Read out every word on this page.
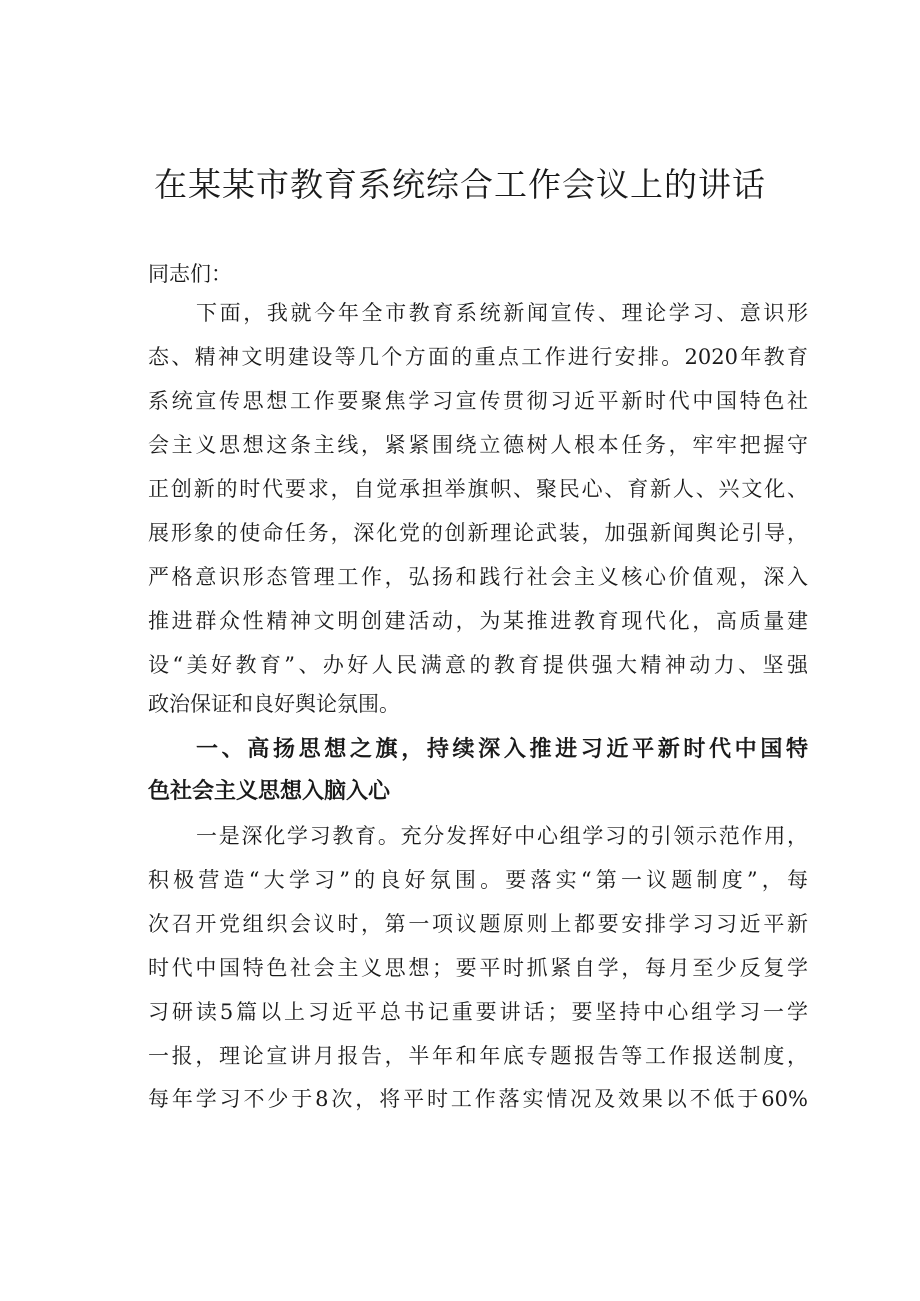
在某某市教育系统综合工作会议上的讲话

同志们：

下面，我就今年全市教育系统新闻宣传、理论学习、意识形

态、精神文明建设等几个方面的重点工作进行安排。2020年教育

系统宣传思想工作要聚焦学习宣传贯彻习近平新时代中国特色社

会主义思想这条主线，紧紧围绕立德树人根本任务，牢牢把握守

正创新的时代要求，自觉承担举旗帜、聚民心、育新人、兴文化、

展形象的使命任务，深化党的创新理论武装，加强新闻舆论引导，

严格意识形态管理工作，弘扬和践行社会主义核心价值观，深入

推进群众性精神文明创建活动，为某推进教育现代化，高质量建

设“美好教育”、办好人民满意的教育提供强大精神动力、坚强

政治保证和良好舆论氛围。

一、高扬思想之旗，持续深入推进习近平新时代中国特

色社会主义思想入脑入心

一是深化学习教育。充分发挥好中心组学习的引领示范作用，

积极营造“大学习”的良好氛围。要落实“第一议题制度”，每

次召开党组织会议时，第一项议题原则上都要安排学习习近平新

时代中国特色社会主义思想；要平时抓紧自学，每月至少反复学

习研读5篇以上习近平总书记重要讲话；要坚持中心组学习一学

一报，理论宣讲月报告，半年和年底专题报告等工作报送制度，

每年学习不少于8次，将平时工作落实情况及效果以不低于60%
